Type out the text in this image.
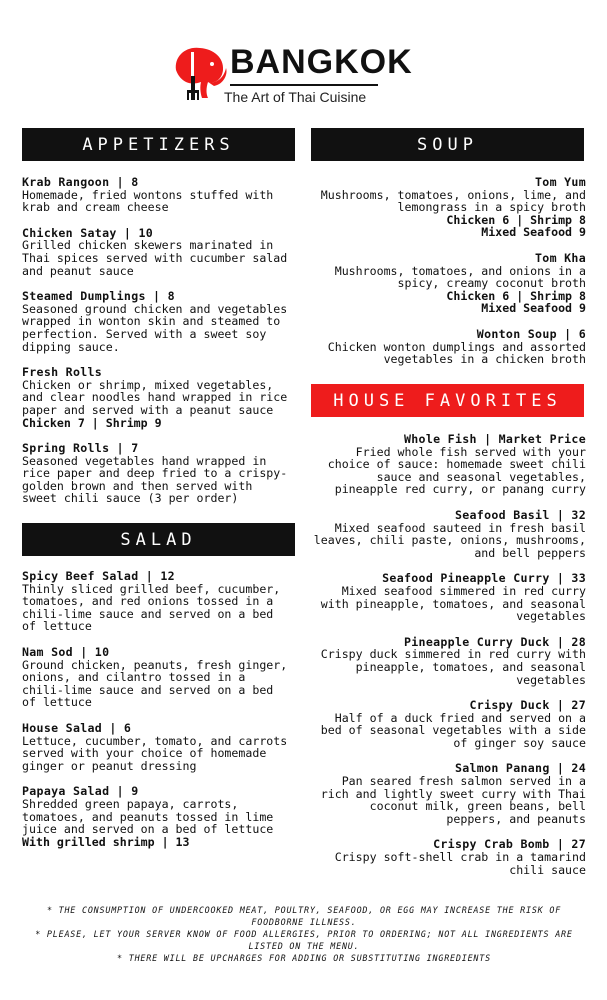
BANGKOK
The Art of Thai Cuisine
APPETIZERS	SOUP
SALAD
HOUSE FAVORITES
Krab Rangoon | 8
Homemade, fried wontons stuffed with krab and cream cheese
Chicken Satay | 10
Grilled chicken skewers marinated in Thai spices served with cucumber salad and peanut sauce
Steamed Dumplings | 8
Seasoned ground chicken and vegetables wrapped in wonton skin and steamed to perfection. Served with a sweet soy dipping sauce.
Fresh Rolls
Chicken or shrimp, mixed vegetables, and clear noodles hand wrapped in rice paper and served with a peanut sauce
Chicken 7 | Shrimp 9
Spring Rolls | 7
Seasoned vegetables hand wrapped in rice paper and deep fried to a crispy-golden brown and then served with sweet chili sauce (3 per order)
Spicy Beef Salad | 12
Thinly sliced grilled beef, cucumber, tomatoes, and red onions tossed in a chili-lime sauce and served on a bed of lettuce
Nam Sod | 10
Ground chicken, peanuts, fresh ginger, onions, and cilantro tossed in a chili-lime sauce and served on a bed of lettuce
House Salad | 6
Lettuce, cucumber, tomato, and carrots served with your choice of homemade ginger or peanut dressing
Papaya Salad | 9
Shredded green papaya, carrots, tomatoes, and peanuts tossed in lime juice and served on a bed of lettuce
With grilled shrimp | 13
Tom Yum
Mushrooms, tomatoes, onions, lime, and lemongrass in a spicy broth
Chicken 6 | Shrimp 8
Mixed Seafood 9
Tom Kha
Mushrooms, tomatoes, and onions in a spicy, creamy coconut broth
Chicken 6 | Shrimp 8
Mixed Seafood 9
Wonton Soup | 6
Chicken wonton dumplings and assorted vegetables in a chicken broth
Whole Fish | Market Price
Fried whole fish served with your choice of sauce: homemade sweet chili sauce and seasonal vegetables, pineapple red curry, or panang curry
Seafood Basil | 32
Mixed seafood sauteed in fresh basil leaves, chili paste, onions, mushrooms, and bell peppers
Seafood Pineapple Curry | 33
Mixed seafood simmered in red curry with pineapple, tomatoes, and seasonal vegetables
Pineapple Curry Duck | 28
Crispy duck simmered in red curry with pineapple, tomatoes, and seasonal vegetables
Crispy Duck | 27
Half of a duck fried and served on a bed of seasonal vegetables with a side of ginger soy sauce
Salmon Panang | 24
Pan seared fresh salmon served in a rich and lightly sweet curry with Thai coconut milk, green beans, bell peppers, and peanuts
Crispy Crab Bomb | 27
Crispy soft-shell crab in a tamarind chili sauce
* THE CONSUMPTION OF UNDERCOOKED MEAT, POULTRY, SEAFOOD, OR EGG MAY INCREASE THE RISK OF FOODBORNE ILLNESS.
* PLEASE, LET YOUR SERVER KNOW OF FOOD ALLERGIES, PRIOR TO ORDERING; NOT ALL INGREDIENTS ARE LISTED ON THE MENU.
* THERE WILL BE UPCHARGES FOR ADDING OR SUBSTITUTING INGREDIENTS
